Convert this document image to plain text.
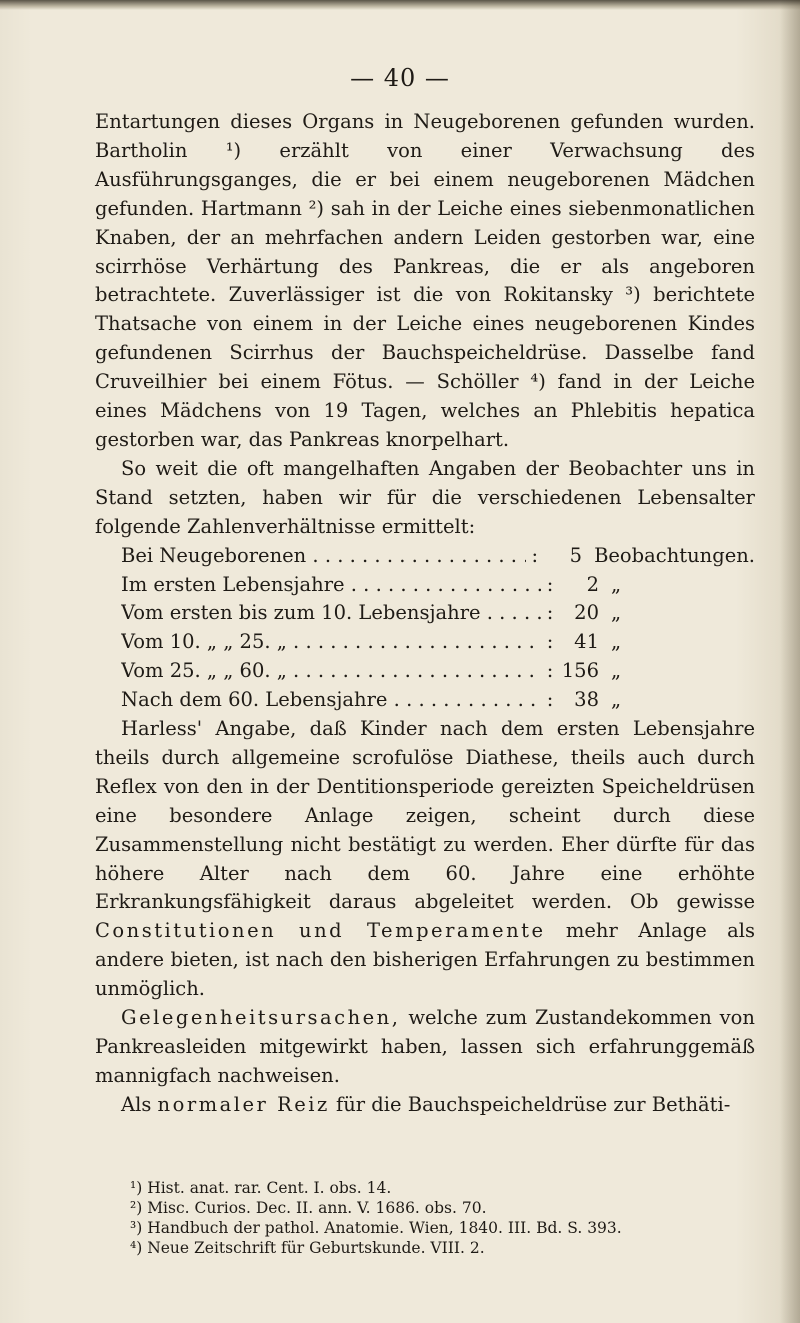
— 40 —

Entartungen dieses Organs in Neugeborenen gefunden wurden. Bartholin ¹) erzählt von einer Verwachsung des Ausführungsganges, die er bei einem neugeborenen Mädchen gefunden. Hartmann ²) sah in der Leiche eines siebenmonatlichen Knaben, der an mehrfachen andern Leiden gestorben war, eine scirrhöse Verhärtung des Pankreas, die er als angeboren betrachtete. Zuverlässiger ist die von Rokitansky ³) berichtete Thatsache von einem in der Leiche eines neugeborenen Kindes gefundenen Scirrhus der Bauchspeicheldrüse. Dasselbe fand Cruveilhier bei einem Fötus. — Schöller ⁴) fand in der Leiche eines Mädchens von 19 Tagen, welches an Phlebitis hepatica gestorben war, das Pankreas knorpelhart.

So weit die oft mangelhaften Angaben der Beobachter uns in Stand setzten, haben wir für die verschiedenen Lebensalter folgende Zahlenverhältnisse ermittelt:

Bei Neugeborenen . . .	:	5 Beobachtungen.
Im ersten Lebensjahre . . .	:	2 „
Vom ersten bis zum 10. Lebensjahre . . .	:	20 „
Vom 10. „ „ 25. „ . . .	:	41 „
Vom 25. „ „ 60. „ . . .	: 156 „
Nach dem 60. Lebensjahre . . .	:	38 „

Harless' Angabe, daß Kinder nach dem ersten Lebensjahre theils durch allgemeine scrofulöse Diathese, theils auch durch Reflex von den in der Dentitionsperiode gereizten Speicheldrüsen eine besondere Anlage zeigen, scheint durch diese Zusammenstellung nicht bestätigt zu werden. Eher dürfte für das höhere Alter nach dem 60. Jahre eine erhöhte Erkrankungsfähigkeit daraus abgeleitet werden. Ob gewisse Constitutionen und Temperamente mehr Anlage als andere bieten, ist nach den bisherigen Erfahrungen zu bestimmen unmöglich.

Gelegenheitsursachen, welche zum Zustandekommen von Pankreasleiden mitgewirkt haben, lassen sich erfahrunggemäß mannigfach nachweisen.

Als normaler Reiz für die Bauchspeicheldrüse zur Bethäti-

¹) Hist. anat. rar. Cent. I. obs. 14.
²) Misc. Curios. Dec. II. ann. V. 1686. obs. 70.
³) Handbuch der pathol. Anatomie. Wien, 1840. III. Bd. S. 393.
⁴) Neue Zeitschrift für Geburtskunde. VIII. 2.
